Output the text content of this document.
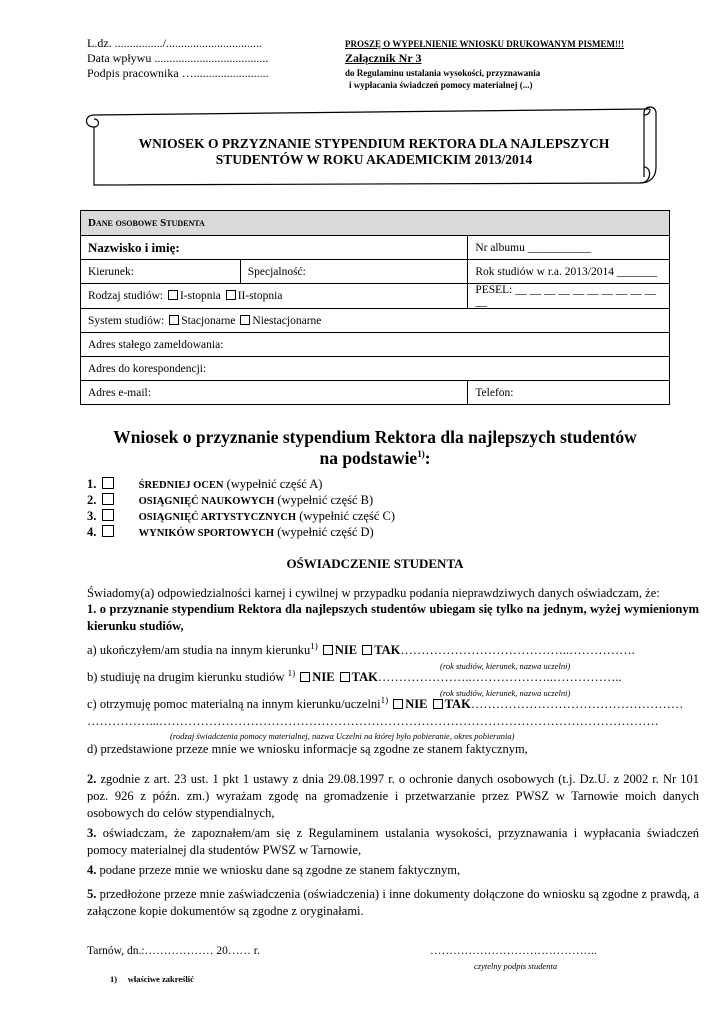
L.dz. ................/................................
Data wpływu ......................................
Podpis pracownika ….........................
PROSZĘ O WYPEŁNIENIE WNIOSKU DRUKOWANYM PISMEM!!!
Załącznik Nr 3
do Regulaminu ustalania wysokości, przyznawania
i wypłacania świadczeń pomocy materialnej (...)
WNIOSEK O PRZYZNANIE STYPENDIUM REKTORA DLA NAJLEPSZYCH
STUDENTÓW W ROKU AKADEMICKIM 2013/2014
Dane osobowe Studenta		
Nazwisko i imię:		Nr albumu ___________
Kierunek:	Specjalność:	Rok studiów w r.a. 2013/2014 _______
Rodzaj studiów: I-stopnia II-stopnia		PESEL: __ __ __ __ __ __ __ __ __ __ __
System studiów: Stacjonarne Niestacjonarne		
Adres stałego zameldowania:		
Adres do korespondencji:		
Adres e-mail:		Telefon:
Wniosek o przyznanie stypendium Rektora dla najlepszych studentów
na podstawie$^{1)}$:
1.	ŚREDNIEJ OCEN (wypełnić część A)
2.	OSIĄGNIĘĆ NAUKOWYCH (wypełnić część B)
3.	OSIĄGNIĘĆ ARTYSTYCZNYCH (wypełnić część C)
4.	WYNIKÓW SPORTOWYCH (wypełnić część D)
OŚWIADCZENIE STUDENTA
Świadomy(a) odpowiedzialności karnej i cywilnej w przypadku podania nieprawdziwych danych oświadczam, że:
1. o przyznanie stypendium Rektora dla najlepszych studentów ubiegam się tylko na jednym, wyżej wymienionym kierunku studiów,
a) ukończyłem/am studia na innym kierunku$^{1)}$ NIE TAK…………………………………..…………….
(rok studiów, kierunek, nazwa uczelni)
b) studiuję na drugim kierunku studiów $^{1)}$ NIE TAK…………………..………………..……………..
(rok studiów, kierunek, nazwa uczelni)
c) otrzymuję pomoc materialną na innym kierunku/uczelni$^{1)}$ NIE TAK……………………………………………
……………...…………………………………………………………………………………………………………
(rodzaj świadczenia pomocy materialnej, nazwa Uczelni na której było pobieranie, okres pobierania)
d) przedstawione przeze mnie we wniosku informacje są zgodne ze stanem faktycznym,
2. zgodnie z art. 23 ust. 1 pkt 1 ustawy z dnia 29.08.1997 r. o ochronie danych osobowych (t.j. Dz.U. z 2002 r. Nr 101 poz. 926 z późn. zm.) wyrażam zgodę na gromadzenie i przetwarzanie przez PWSZ w Tarnowie moich danych osobowych do celów stypendialnych,
3. oświadczam, że zapoznałem/am się z Regulaminem ustalania wysokości, przyznawania i wypłacania świadczeń pomocy materialnej dla studentów PWSZ w Tarnowie,
4. podane przeze mnie we wniosku dane są zgodne ze stanem faktycznym,
5. przedłożone przeze mnie zaświadczenia (oświadczenia) i inne dokumenty dołączone do wniosku są zgodne z prawdą, a załączone kopie dokumentów są zgodne z oryginałami.
Tarnów, dn.:……………… 20…… r.	……………………………………..
czytelny podpis studenta
1) właściwe zakreślić
